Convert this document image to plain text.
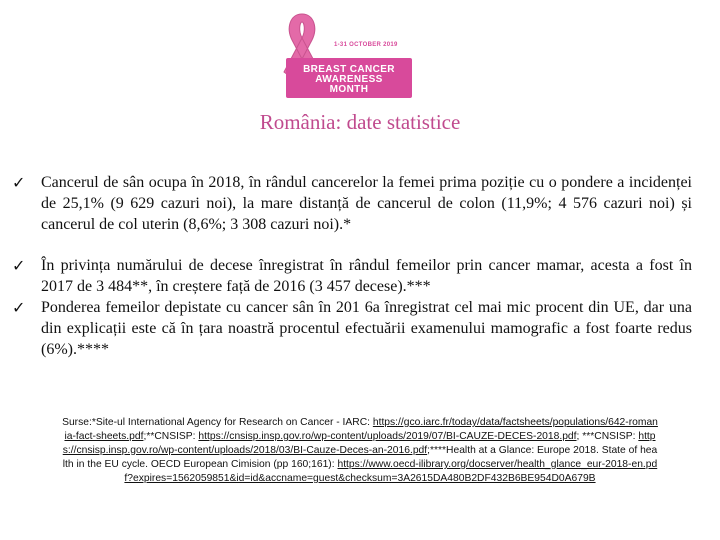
1-31 OCTOBER 2019
BREAST CANCER
AWARENESS
MONTH
România: date statistice
✓ Cancerul de sân ocupa în 2018, în rândul cancerelor la femei prima poziție cu o pondere a incidenței de 25,1% (9 629 cazuri noi), la mare distanță de cancerul de colon (11,9%; 4 576 cazuri noi) și cancerul de col uterin (8,6%; 3 308 cazuri noi).*
✓ În privința numărului de decese înregistrat în rândul femeilor prin cancer mamar, acesta a fost în 2017 de 3 484**, în creștere față de 2016 (3 457 decese).***
✓ Ponderea femeilor depistate cu cancer sân în 201 6a înregistrat cel mai mic procent din UE, dar una din explicații este că în țara noastră procentul efectuării examenului mamografic a fost foarte redus (6%).****
Surse:*Site-ul International Agency for Research on Cancer - IARC: https://gco.iarc.fr/today/data/factsheets/populations/642-romania-fact-sheets.pdf;**CNSISP: https://cnsisp.insp.gov.ro/wp-content/uploads/2019/07/BI-CAUZE-DECES-2018.pdf; ***CNSISP: https://cnsisp.insp.gov.ro/wp-content/uploads/2018/03/BI-Cauze-Deces-an-2016.pdf;****Health at a Glance: Europe 2018. State of health in the EU cycle. OECD European Cimision (pp 160;161): https://www.oecd-ilibrary.org/docserver/health_glance_eur-2018-en.pdf?expires=1562059851&id=id&accname=guest&checksum=3A2615DA480B2DF432B6BE954D0A679B
